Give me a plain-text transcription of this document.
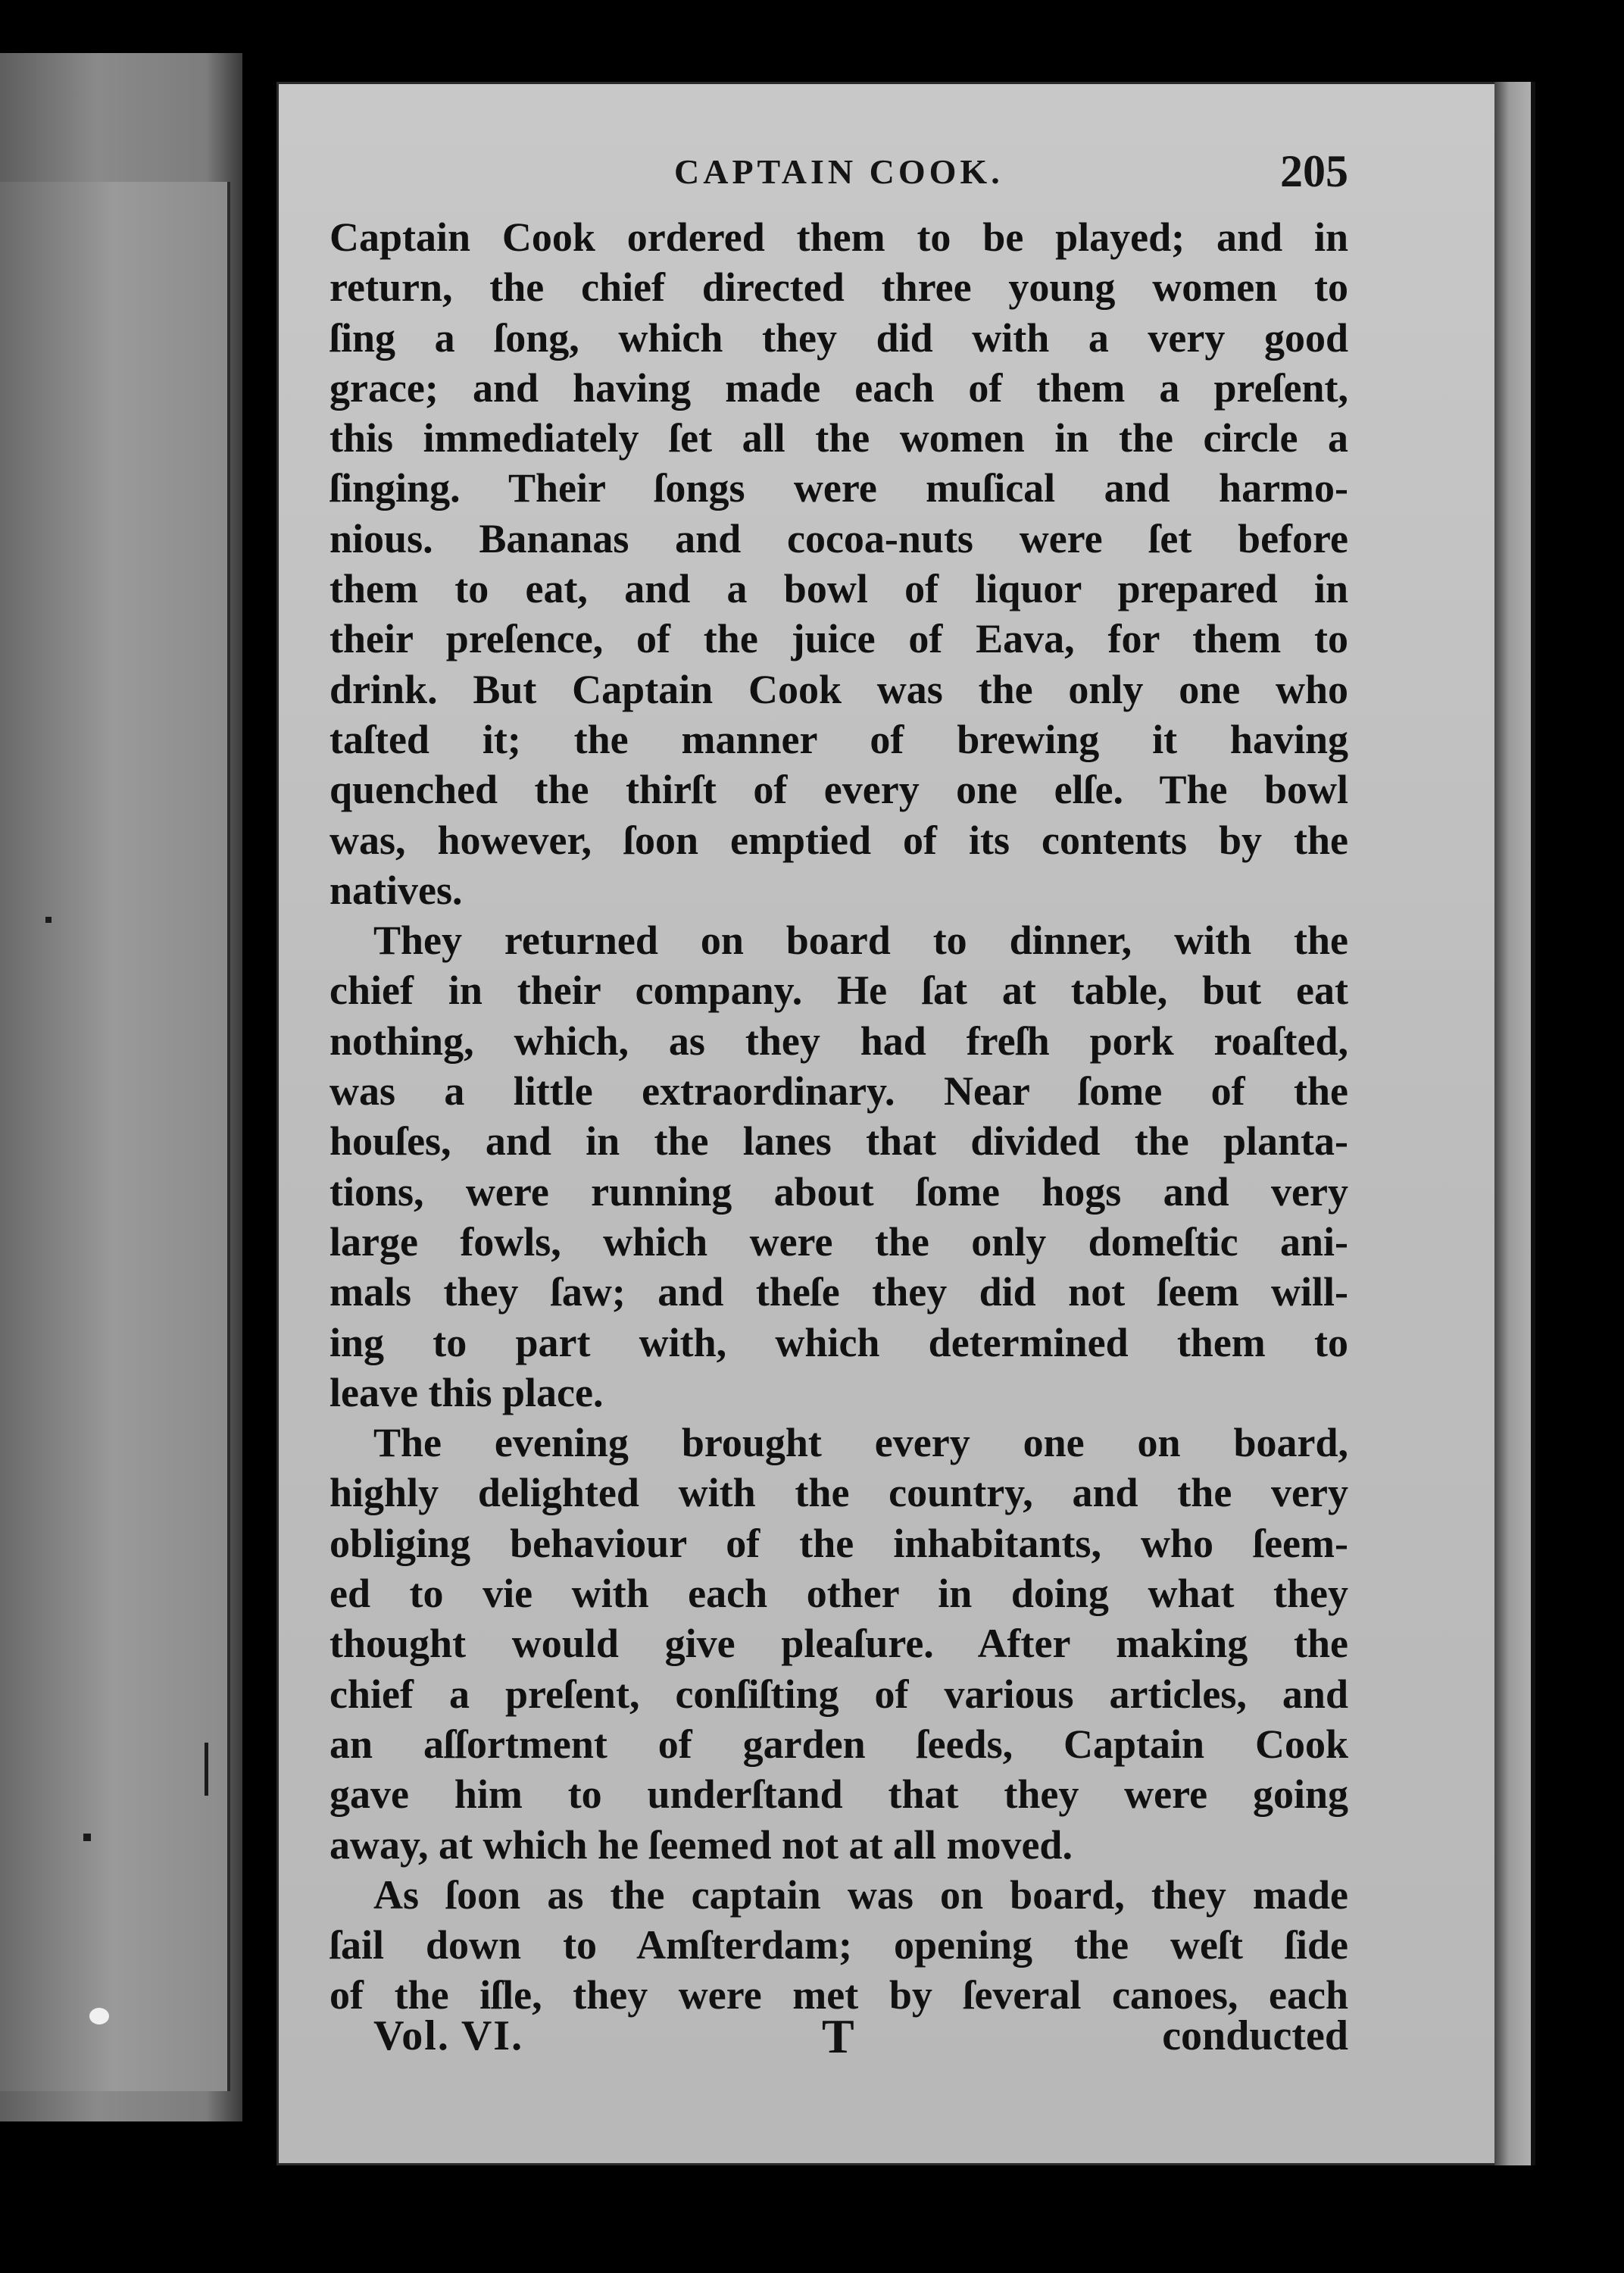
CAPTAIN COOK.	205
Captain Cook ordered them to be played; and in
return, the chief directed three young women to
ſing a ſong, which they did with a very good
grace; and having made each of them a preſent,
this immediately ſet all the women in the circle a
ſinging. Their ſongs were muſical and harmo-
nious. Bananas and cocoa-nuts were ſet before
them to eat, and a bowl of liquor prepared in
their preſence, of the juice of Eava, for them to
drink. But Captain Cook was the only one who
taſted it; the manner of brewing it having
quenched the thirſt of every one elſe. The bowl
was, however, ſoon emptied of its contents by the
natives.
They returned on board to dinner, with the
chief in their company. He ſat at table, but eat
nothing, which, as they had freſh pork roaſted,
was a little extraordinary. Near ſome of the
houſes, and in the lanes that divided the planta-
tions, were running about ſome hogs and very
large fowls, which were the only domeſtic ani-
mals they ſaw; and theſe they did not ſeem will-
ing to part with, which determined them to
leave this place.
The evening brought every one on board,
highly delighted with the country, and the very
obliging behaviour of the inhabitants, who ſeem-
ed to vie with each other in doing what they
thought would give pleaſure. After making the
chief a preſent, conſiſting of various articles, and
an aſſortment of garden ſeeds, Captain Cook
gave him to underſtand that they were going
away, at which he ſeemed not at all moved.
As ſoon as the captain was on board, they made
ſail down to Amſterdam; opening the weſt ſide
of the iſle, they were met by ſeveral canoes, each
Vol. VI.	T	conducted
